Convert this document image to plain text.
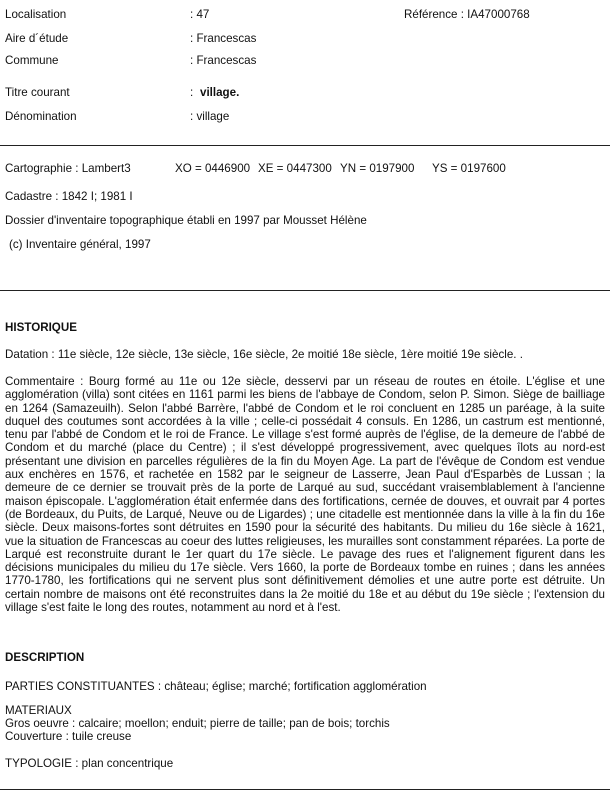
Localisation	: 47	Référence : IA47000768
Aire d´étude	: Francescas
Commune	: Francescas
Titre courant	: village.
Dénomination	: village
Cartographie : Lambert3	XO = 0446900 XE = 0447300 YN = 0197900 YS = 0197600
Cadastre : 1842 I; 1981 I
Dossier d'inventaire topographique établi en 1997 par Mousset Hélène
(c) Inventaire général, 1997
HISTORIQUE
Datation : 11e siècle, 12e siècle, 13e siècle, 16e siècle, 2e moitié 18e siècle, 1ère moitié 19e siècle. .
Commentaire : Bourg formé au 11e ou 12e siècle, desservi par un réseau de routes en étoile. L'église et une agglomération (villa) sont citées en 1161 parmi les biens de l'abbaye de Condom, selon P. Simon. Siège de bailliage en 1264 (Samazeuilh). Selon l'abbé Barrère, l'abbé de Condom et le roi concluent en 1285 un paréage, à la suite duquel des coutumes sont accordées à la ville ; celle-ci possédait 4 consuls. En 1286, un castrum est mentionné, tenu par l'abbé de Condom et le roi de France. Le village s'est formé auprès de l'église, de la demeure de l'abbé de Condom et du marché (place du Centre) ; il s'est développé progressivement, avec quelques îlots au nord-est présentant une division en parcelles régulières de la fin du Moyen Age. La part de l'évêque de Condom est vendue aux enchères en 1576, et rachetée en 1582 par le seigneur de Lasserre, Jean Paul d'Esparbès de Lussan ; la demeure de ce dernier se trouvait près de la porte de Larqué au sud, succédant vraisemblablement à l'ancienne maison épiscopale. L'agglomération était enfermée dans des fortifications, cernée de douves, et ouvrait par 4 portes (de Bordeaux, du Puits, de Larqué, Neuve ou de Ligardes) ; une citadelle est mentionnée dans la ville à la fin du 16e siècle. Deux maisons-fortes sont détruites en 1590 pour la sécurité des habitants. Du milieu du 16e siècle à 1621, vue la situation de Francescas au coeur des luttes religieuses, les murailles sont constamment réparées. La porte de Larqué est reconstruite durant le 1er quart du 17e siècle. Le pavage des rues et l'alignement figurent dans les décisions municipales du milieu du 17e siècle. Vers 1660, la porte de Bordeaux tombe en ruines ; dans les années 1770-1780, les fortifications qui ne servent plus sont définitivement démolies et une autre porte est détruite. Un certain nombre de maisons ont été reconstruites dans la 2e moitié du 18e et au début du 19e siècle ; l'extension du village s'est faite le long des routes, notamment au nord et à l'est.
DESCRIPTION
PARTIES CONSTITUANTES : château; église; marché; fortification agglomération
MATERIAUX
Gros oeuvre : calcaire; moellon; enduit; pierre de taille; pan de bois; torchis
Couverture : tuile creuse
TYPOLOGIE : plan concentrique
